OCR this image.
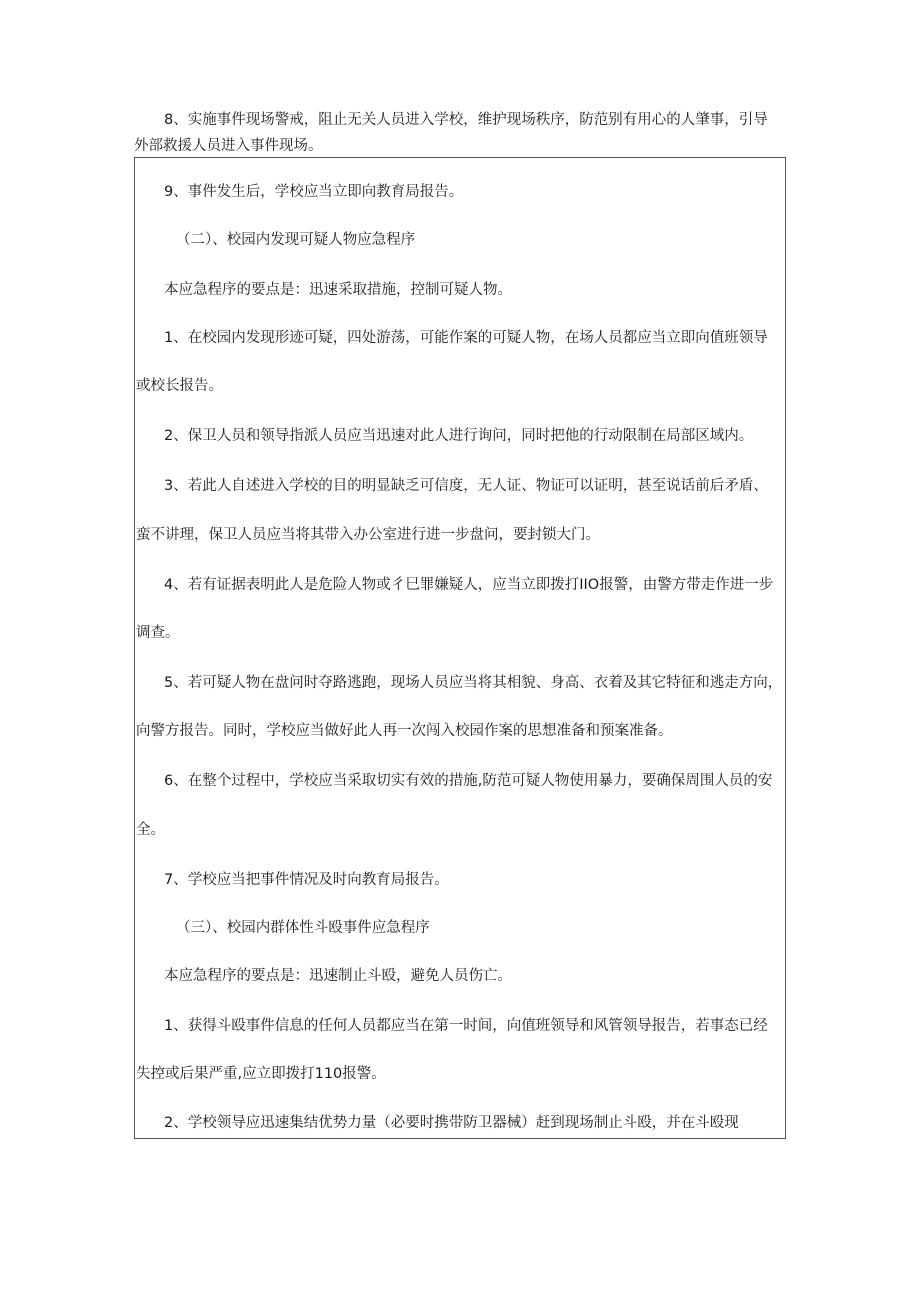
8、实施事件现场警戒，阻止无关人员进入学校，维护现场秩序，防范别有用心的人肇事，引导

外部救援人员进入事件现场。

9、事件发生后，学校应当立即向教育局报告。

（二）、校园内发现可疑人物应急程序

本应急程序的要点是：迅速采取措施，控制可疑人物。

1、在校园内发现形迹可疑，四处游荡，可能作案的可疑人物，在场人员都应当立即向值班领导

或校长报告。

2、保卫人员和领导指派人员应当迅速对此人进行询问，同时把他的行动限制在局部区域内。

3、若此人自述进入学校的目的明显缺乏可信度，无人证、物证可以证明，甚至说话前后矛盾、

蛮不讲理，保卫人员应当将其带入办公室进行进一步盘问，要封锁大门。

4、若有证据表明此人是危险人物或彳巳罪嫌疑人，应当立即拨打IIO报警，由警方带走作进一步

调查。

5、若可疑人物在盘问时夺路逃跑，现场人员应当将其相貌、身高、衣着及其它特征和逃走方向，

向警方报告。同时，学校应当做好此人再一次闯入校园作案的思想准备和预案准备。

6、在整个过程中，学校应当采取切实有效的措施,防范可疑人物使用暴力，要确保周围人员的安

全。

7、学校应当把事件情况及时向教育局报告。

（三）、校园内群体性斗殴事件应急程序

本应急程序的要点是：迅速制止斗殴，避免人员伤亡。

1、获得斗殴事件信息的任何人员都应当在第一时间，向值班领导和风管领导报告，若事态已经

失控或后果严重,应立即拨打110报警。

2、学校领导应迅速集结优势力量（必要时携带防卫器械）赶到现场制止斗殴，并在斗殴现
